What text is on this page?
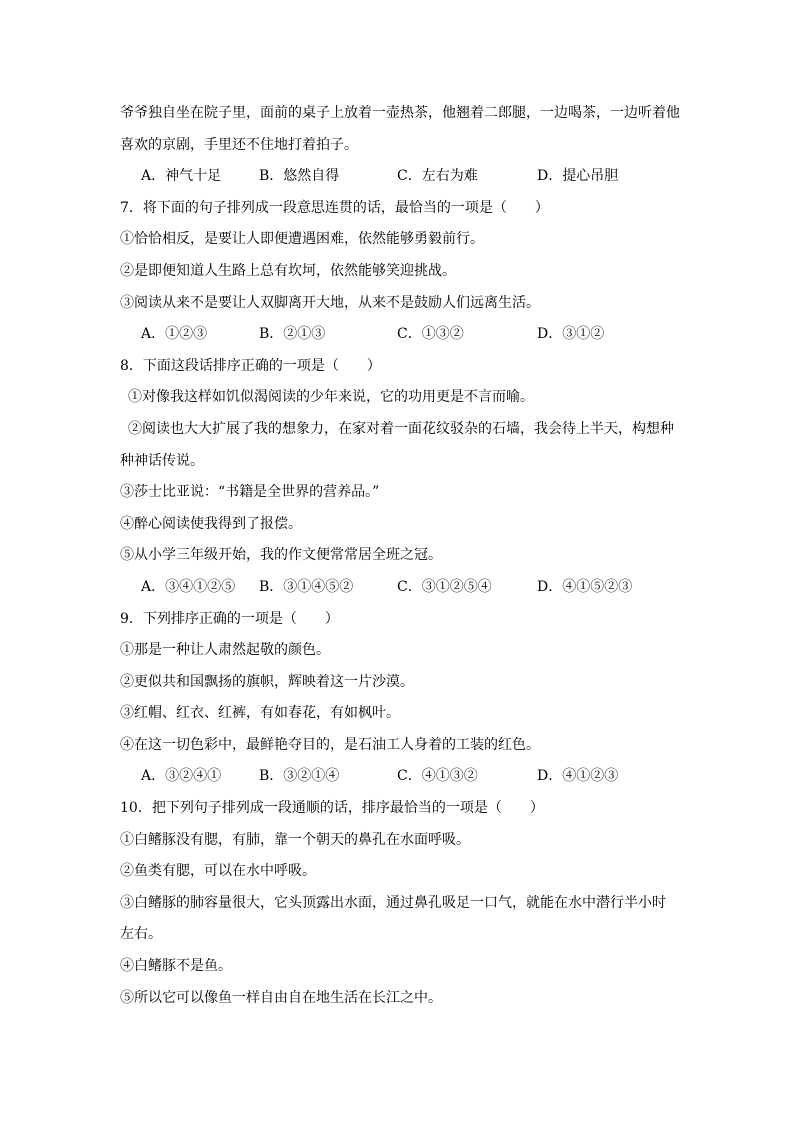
爷爷独自坐在院子里，面前的桌子上放着一壶热茶，他翘着二郎腿，一边喝茶，一边听着他
喜欢的京剧，手里还不住地打着拍子。
A．神气十足	B．悠然自得	C．左右为难	D．提心吊胆
7．将下面的句子排列成一段意思连贯的话，最恰当的一项是（　　）
①恰恰相反，是要让人即便遭遇困难，依然能够勇毅前行。
②是即便知道人生路上总有坎坷，依然能够笑迎挑战。
③阅读从来不是要让人双脚离开大地，从来不是鼓励人们远离生活。
A．①②③	B．②①③	C．①③②	D．③①②
8．下面这段话排序正确的一项是（　　）
①对像我这样如饥似渴阅读的少年来说，它的功用更是不言而喻。
②阅读也大大扩展了我的想象力，在家对着一面花纹驳杂的石墙，我会待上半天，构想种
种神话传说。
③莎士比亚说：“书籍是全世界的营养品。”
④醉心阅读使我得到了报偿。
⑤从小学三年级开始，我的作文便常常居全班之冠。
A．③④①②⑤ B．③①④⑤②	C．③①②⑤④	D．④①⑤②③
9．下列排序正确的一项是（　　）
①那是一种让人肃然起敬的颜色。
②更似共和国飘扬的旗帜，辉映着这一片沙漠。
③红帽、红衣、红裤，有如春花，有如枫叶。
④在这一切色彩中，最鲜艳夺目的，是石油工人身着的工装的红色。
A．③②④①	B．③②①④	C．④①③②	D．④①②③
10．把下列句子排列成一段通顺的话，排序最恰当的一项是（　　）
①白鳍豚没有腮，有肺，靠一个朝天的鼻孔在水面呼吸。
②鱼类有腮，可以在水中呼吸。
③白鳍豚的肺容量很大，它头顶露出水面，通过鼻孔吸足一口气，就能在水中潜行半小时
左右。
④白鳍豚不是鱼。
⑤所以它可以像鱼一样自由自在地生活在长江之中。
